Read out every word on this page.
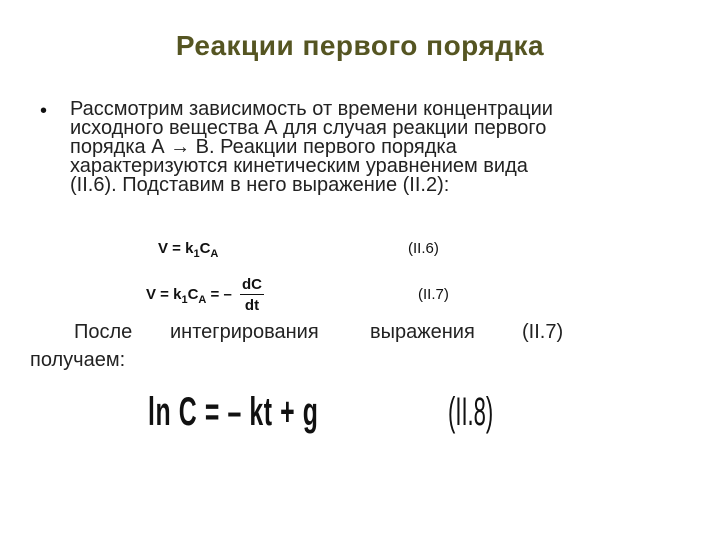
Реакции первого порядка
• Рассмотрим зависимость от времени концентрации
исходного вещества А для случая реакции первого
порядка А → В. Реакции первого порядка
характеризуются кинетическим уравнением вида
(II.6). Подставим в него выражение (II.2):
$V = k_1C_A$	(II.6)
$V = k_1C_A$ = – $\frac{dC}{dt}$	(II.7)
После интегрирования	выражения (II.7)
получаем:
ln C = – kt + g	(II.8)
